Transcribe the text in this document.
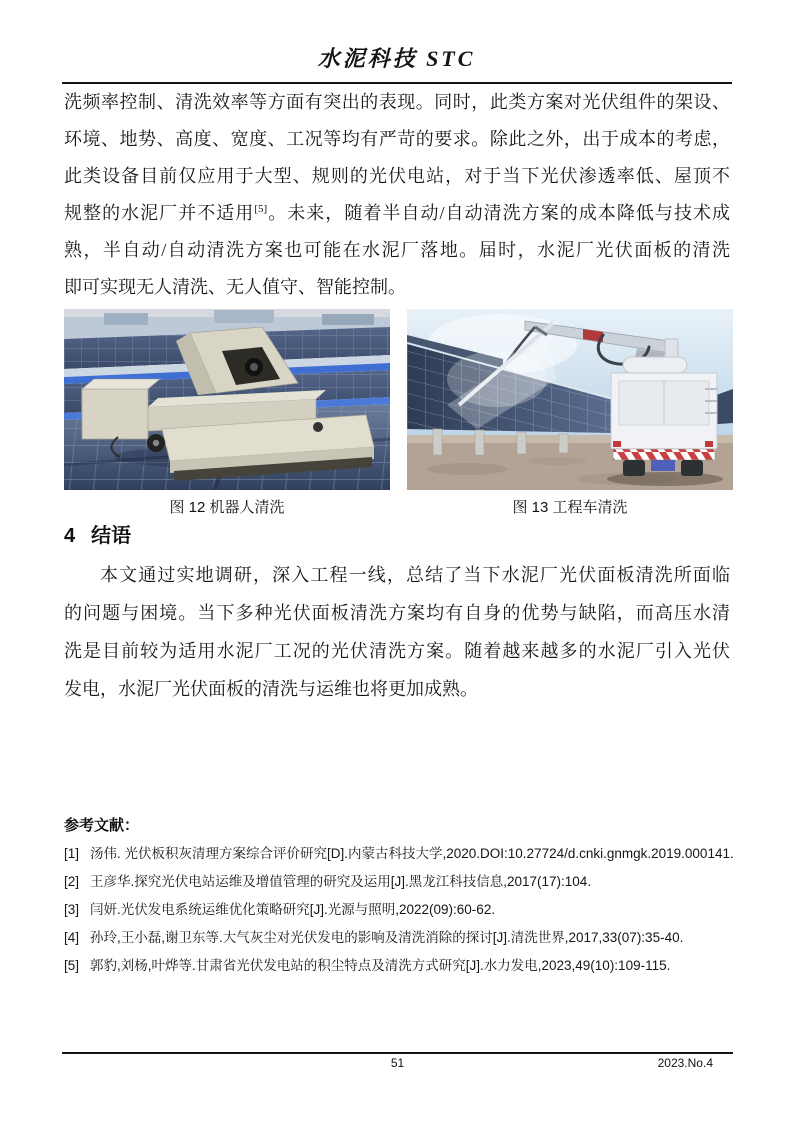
水泥科技 STC
洗频率控制、清洗效率等方面有突出的表现。同时，此类方案对光伏组件的架设、
环境、地势、高度、宽度、工况等均有严苛的要求。除此之外，出于成本的考虑，
此类设备目前仅应用于大型、规则的光伏电站，对于当下光伏渗透率低、屋顶不
规整的水泥厂并不适用[5]。未来，随着半自动/自动清洗方案的成本降低与技术成
熟，半自动/自动清洗方案也可能在水泥厂落地。届时，水泥厂光伏面板的清洗
即可实现无人清洗、无人值守、智能控制。
图 12 机器人清洗	图 13 工程车清洗
4 结语
本文通过实地调研，深入工程一线，总结了当下水泥厂光伏面板清洗所面临
的问题与困境。当下多种光伏面板清洗方案均有自身的优势与缺陷，而高压水清
洗是目前较为适用水泥厂工况的光伏清洗方案。随着越来越多的水泥厂引入光伏
发电，水泥厂光伏面板的清洗与运维也将更加成熟。
参考文献：
[1] 汤伟. 光伏板积灰清理方案综合评价研究[D].内蒙古科技大学,2020.DOI:10.27724/d.cnki.gnmgk.2019.000141.
[2] 王彦华.探究光伏电站运维及增值管理的研究及运用[J].黑龙江科技信息,2017(17):104.
[3] 闫妍.光伏发电系统运维优化策略研究[J].光源与照明,2022(09):60-62.
[4] 孙玲,王小磊,谢卫东等.大气灰尘对光伏发电的影响及清洗消除的探讨[J].清洗世界,2017,33(07):35-40.
[5] 郭豹,刘杨,叶烨等.甘肃省光伏发电站的积尘特点及清洗方式研究[J].水力发电,2023,49(10):109-115.
51	2023.No.4
